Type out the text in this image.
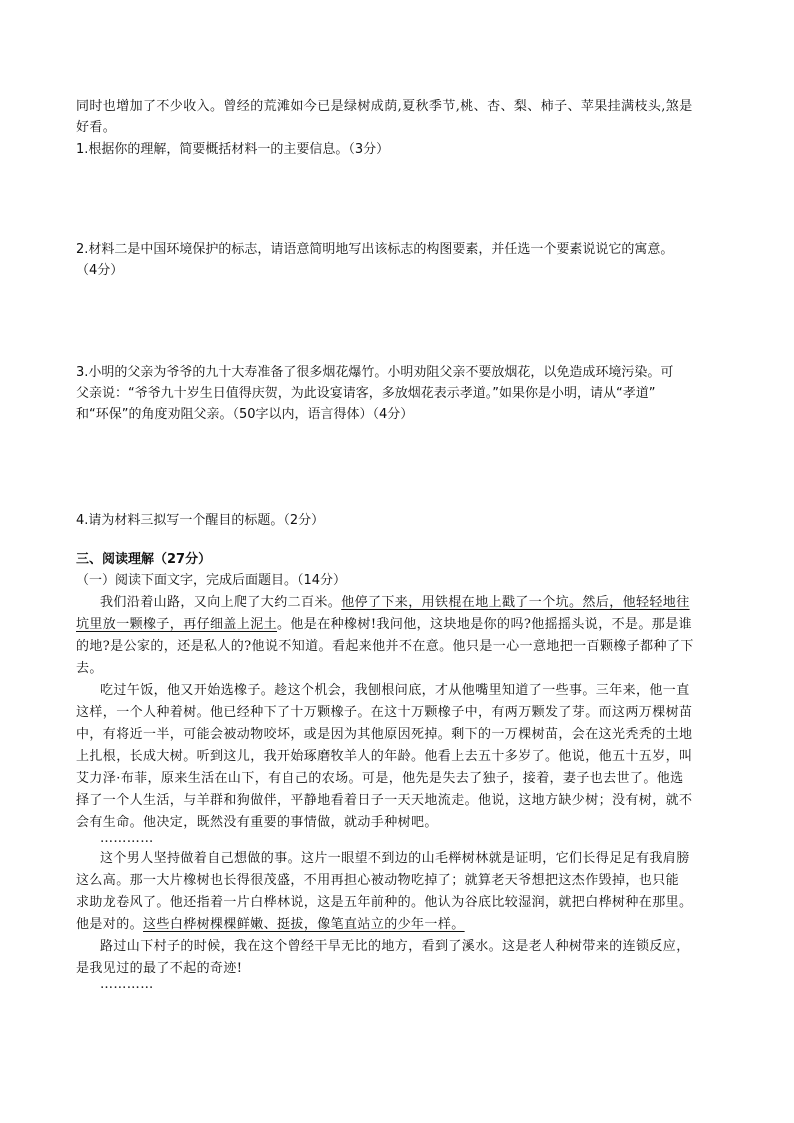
同时也增加了不少收入。曾经的荒滩如今已是绿树成荫,夏秋季节,桃、杏、梨、柿子、苹果挂满枝头,煞是
好看。
1.根据你的理解，简要概括材料一的主要信息。（3分）
2.材料二是中国环境保护的标志，请语意简明地写出该标志的构图要素，并任选一个要素说说它的寓意。
（4分）
3.小明的父亲为爷爷的九十大寿准备了很多烟花爆竹。小明劝阻父亲不要放烟花，以免造成环境污染。可
父亲说：“爷爷九十岁生日值得庆贺，为此设宴请客，多放烟花表示孝道。”如果你是小明，请从“孝道”
和“环保”的角度劝阻父亲。（50字以内，语言得体）（4分）
4.请为材料三拟写一个醒目的标题。（2分）
三、阅读理解（27分）
（一）阅读下面文字，完成后面题目。（14分）
我们沿着山路，又向上爬了大约二百米。他停了下来，用铁棍在地上戳了一个坑。然后，他轻轻地往
坑里放一颗橡子，再仔细盖上泥土。他是在种橡树!我问他，这块地是你的吗?他摇摇头说，不是。那是谁
的地?是公家的，还是私人的?他说不知道。看起来他并不在意。他只是一心一意地把一百颗橡子都种了下
去。
吃过午饭，他又开始选橡子。趁这个机会，我刨根问底，才从他嘴里知道了一些事。三年来，他一直
这样，一个人种着树。他已经种下了十万颗橡子。在这十万颗橡子中，有两万颗发了芽。而这两万棵树苗
中，有将近一半，可能会被动物咬坏，或是因为其他原因死掉。剩下的一万棵树苗，会在这光秃秃的土地
上扎根，长成大树。听到这儿，我开始琢磨牧羊人的年龄。他看上去五十多岁了。他说，他五十五岁，叫
艾力泽·布菲，原来生活在山下，有自己的农场。可是，他先是失去了独子，接着，妻子也去世了。他选
择了一个人生活，与羊群和狗做伴，平静地看着日子一天天地流走。他说，这地方缺少树；没有树，就不
会有生命。他决定，既然没有重要的事情做，就动手种树吧。
…………
这个男人坚持做着自己想做的事。这片一眼望不到边的山毛榉树林就是证明，它们长得足足有我肩膀
这么高。那一大片橡树也长得很茂盛，不用再担心被动物吃掉了；就算老天爷想把这杰作毁掉，也只能
求助龙卷风了。他还指着一片白桦林说，这是五年前种的。他认为谷底比较湿润，就把白桦树种在那里。
他是对的。这些白桦树棵棵鲜嫩、挺拔，像笔直站立的少年一样。
路过山下村子的时候，我在这个曾经干旱无比的地方，看到了溪水。这是老人种树带来的连锁反应，
是我见过的最了不起的奇迹!
…………
